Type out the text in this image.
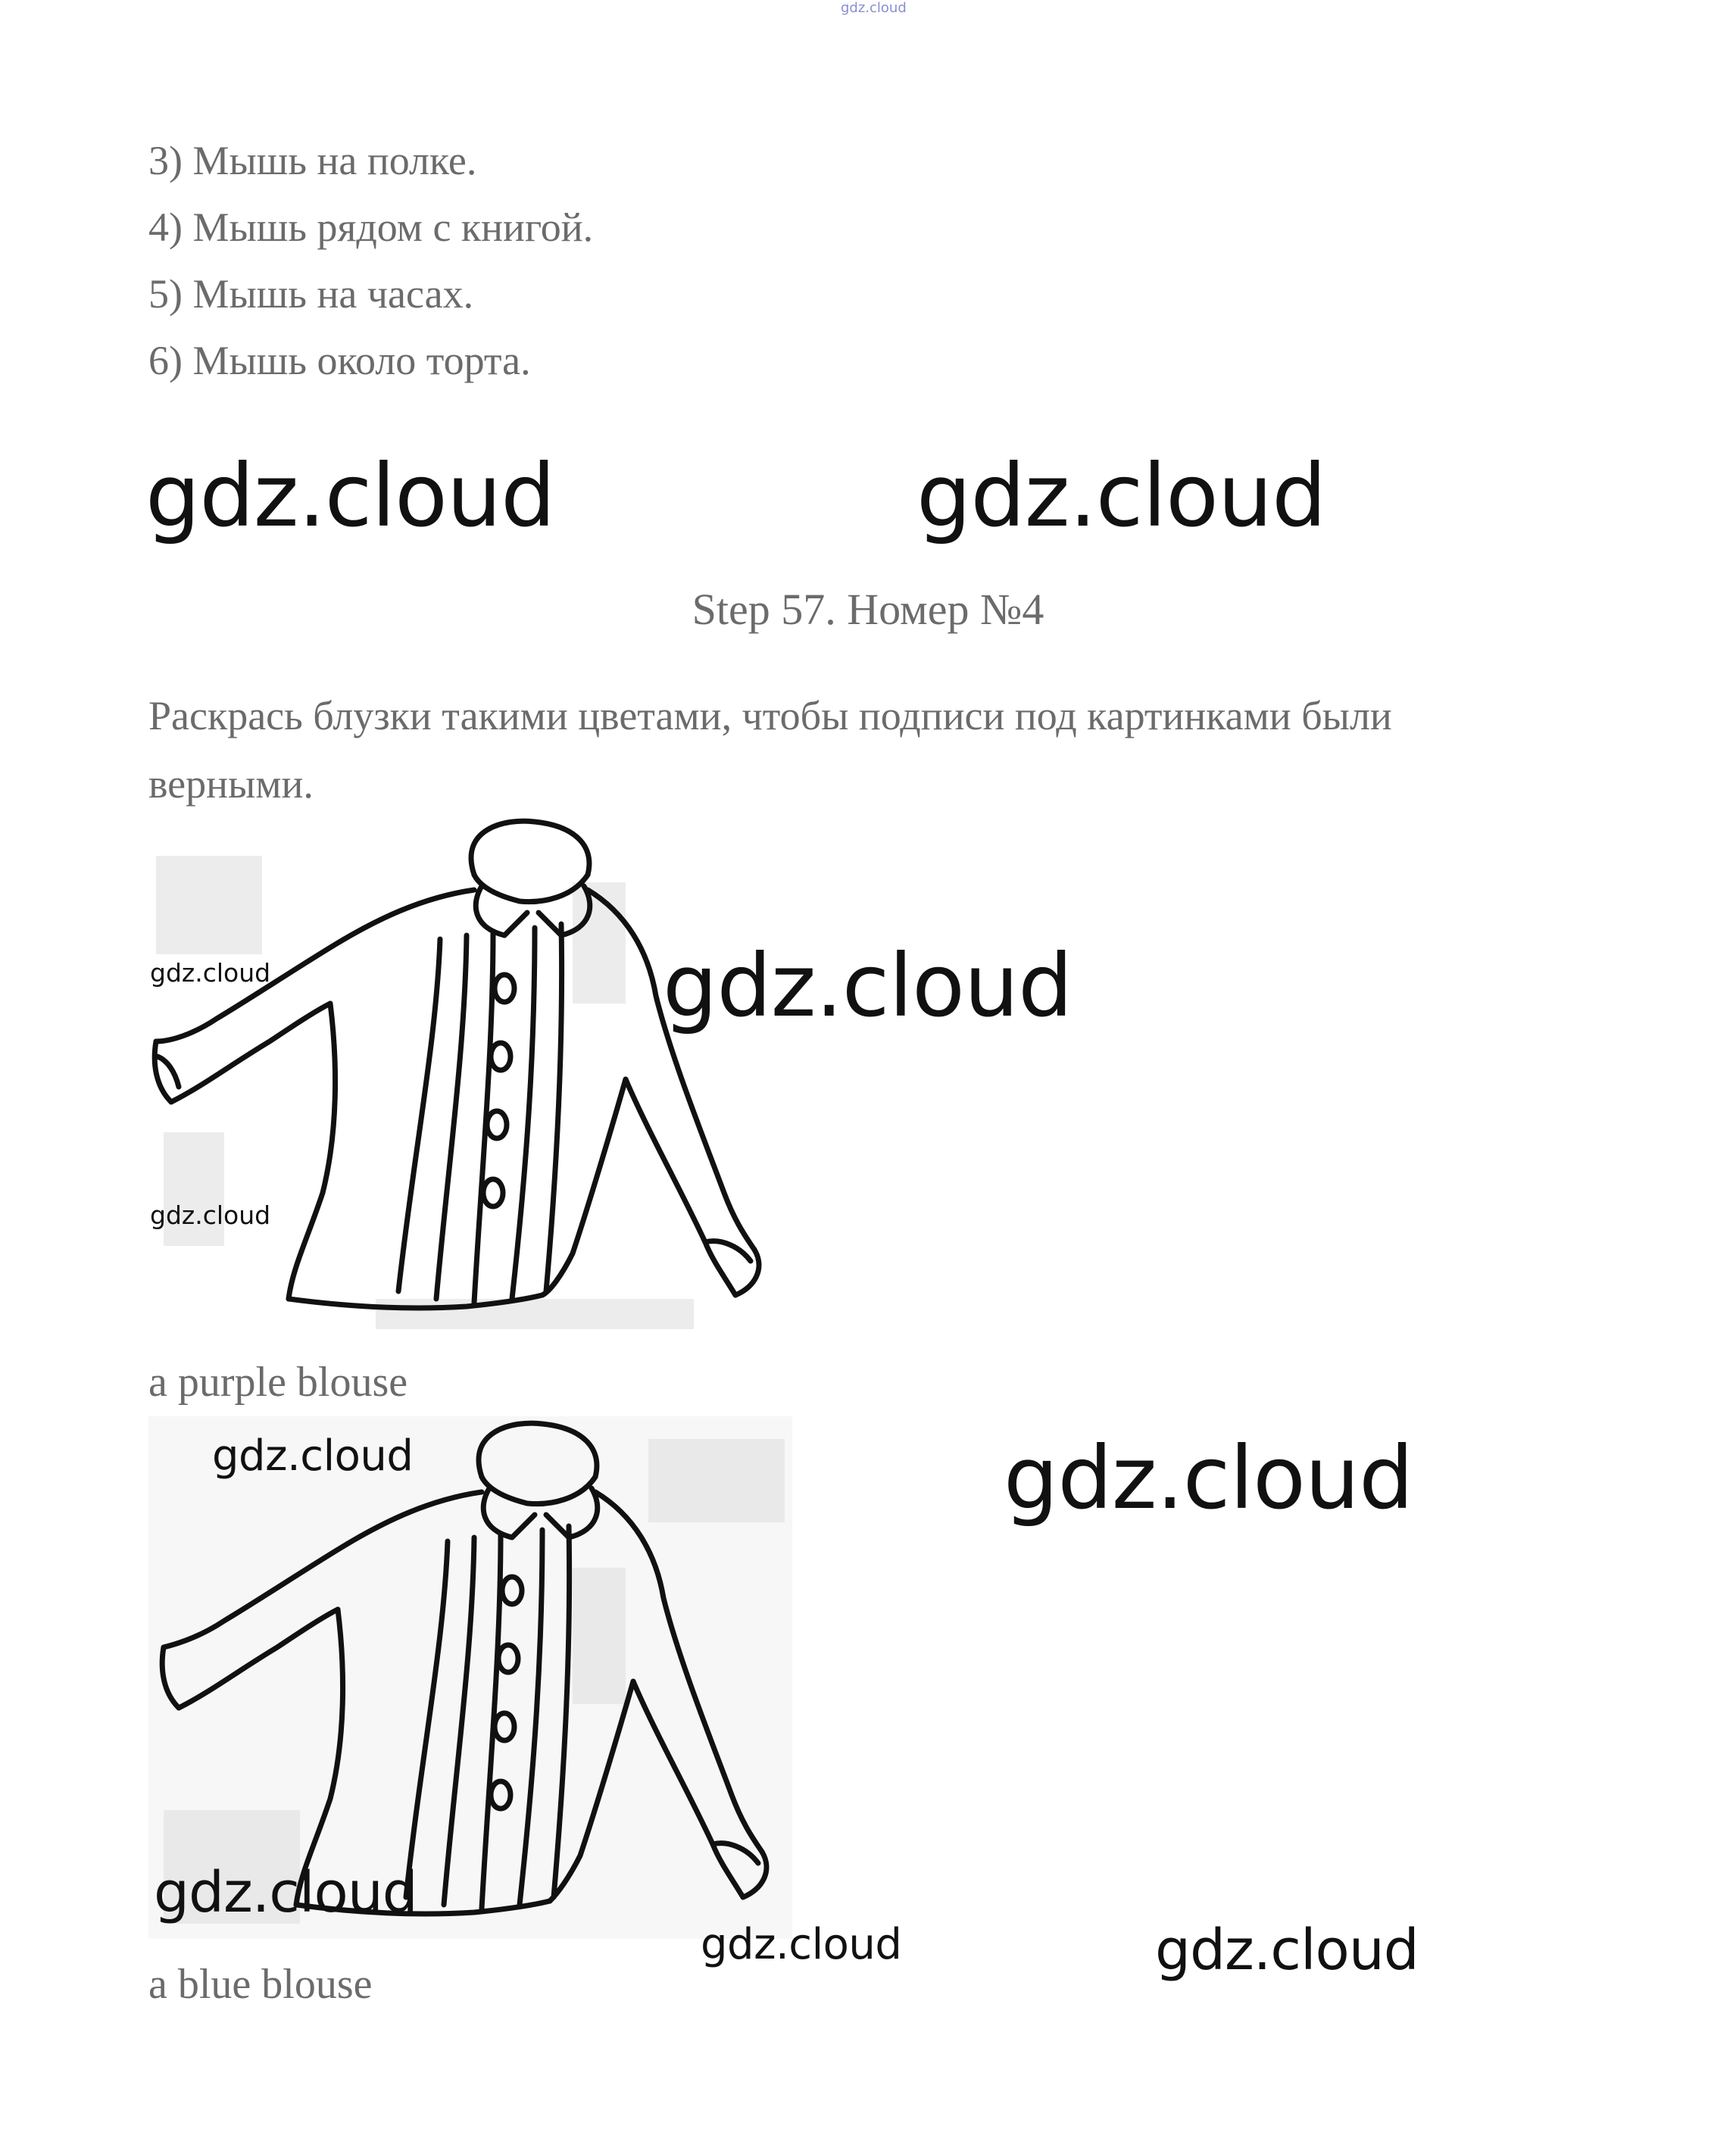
gdz.cloud
3) Мышь на полке.
4) Мышь рядом с книгой.
5) Мышь на часах.
6) Мышь около торта.
gdz.cloud	gdz.cloud
Step 57. Номер №4
Раскрась блузки такими цветами, чтобы подписи под картинками были верными.
gdz.cloud
gdz.cloud
gdz.cloud
a purple blouse
gdz.cloud	gdz.cloud
gdz.cloud
gdz.cloud	gdz.cloud
a blue blouse
